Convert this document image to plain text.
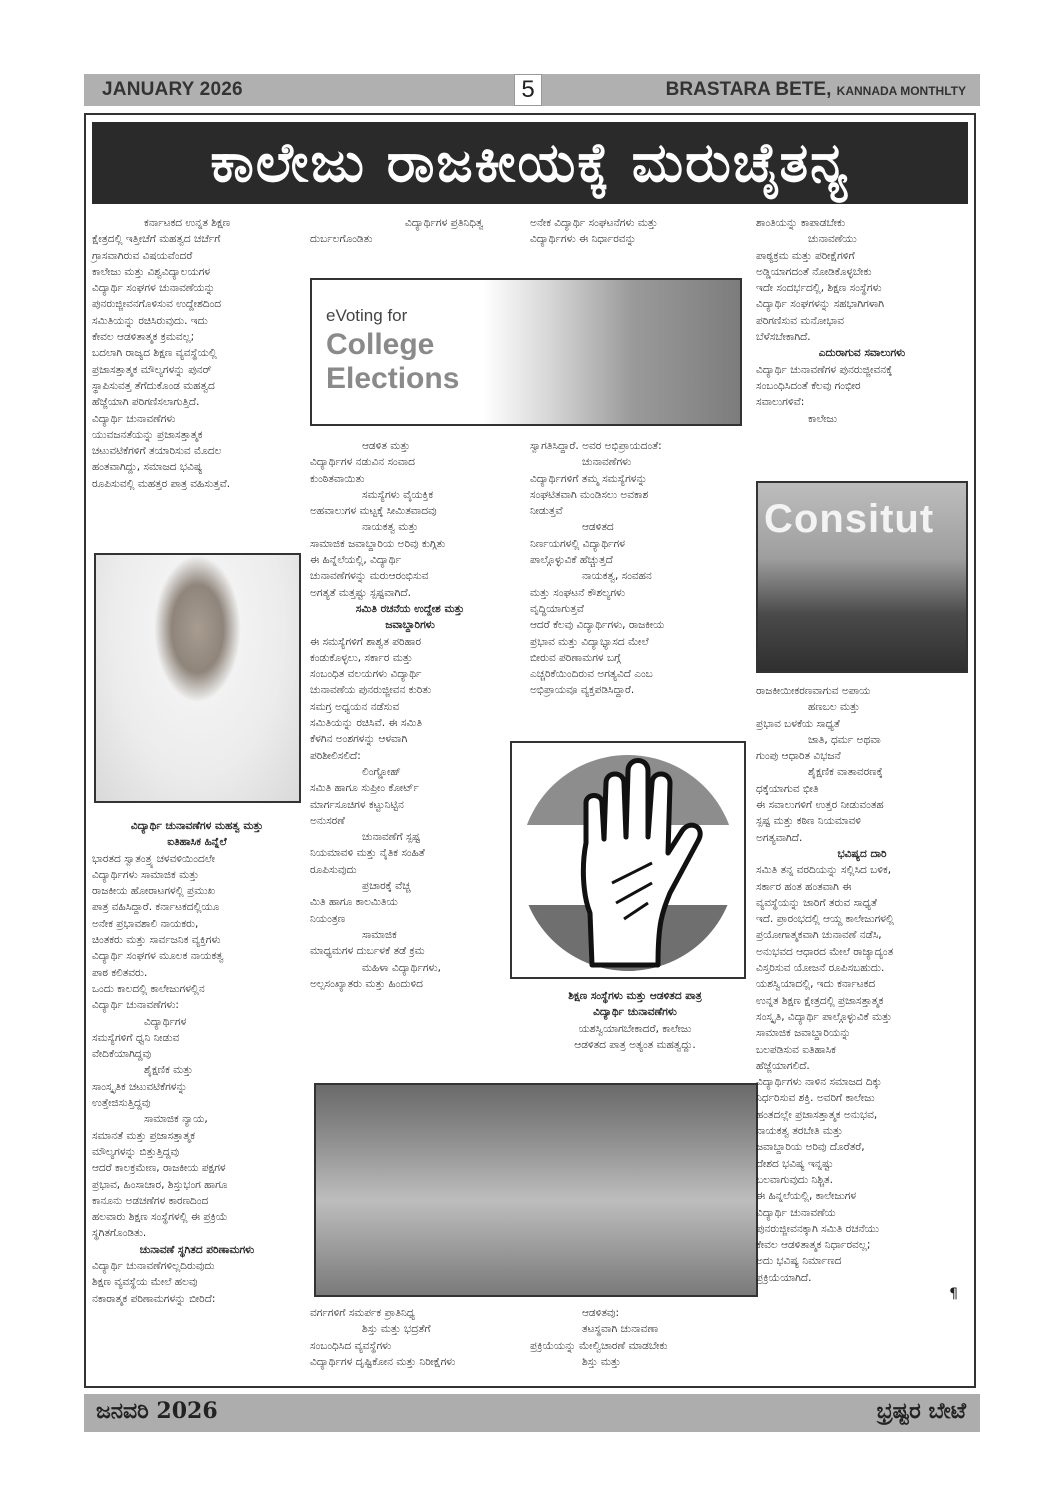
JANUARY 2026	5	BRASTARA BETE, KANNADA MONTHLTY
ಕಾಲೇಜು ರಾಜಕೀಯಕ್ಕೆ ಮರುಚೈತನ್ಯ

ಕರ್ನಾಟಕದ ಉನ್ನತ ಶಿಕ್ಷಣ

ಕ್ಷೇತ್ರದಲ್ಲಿ ಇತ್ತೀಚೆಗೆ ಮಹತ್ವದ ಚರ್ಚೆಗೆ

ಗ್ರಾಸವಾಗಿರುವ ವಿಷಯವೆಂದರೆ

ಕಾಲೇಜು ಮತ್ತು ವಿಶ್ವವಿದ್ಯಾಲಯಗಳ

ವಿದ್ಯಾರ್ಥಿ ಸಂಘಗಳ ಚುನಾವಣೆಯನ್ನು

ಪುನರುಜ್ಜೀವನಗೊಳಿಸುವ ಉದ್ದೇಶದಿಂದ

ಸಮಿತಿಯನ್ನು ರಚಿಸಿರುವುದು. ಇದು

ಕೇವಲ ಆಡಳಿತಾತ್ಮಕ ಕ್ರಮವಲ್ಲ;

ಬದಲಾಗಿ ರಾಜ್ಯದ ಶಿಕ್ಷಣ ವ್ಯವಸ್ಥೆಯಲ್ಲಿ

ಪ್ರಜಾಸತ್ತಾತ್ಮಕ ಮೌಲ್ಯಗಳನ್ನು ಪುನರ್

ಸ್ಥಾಪಿಸುವತ್ತ ತೆಗೆದುಕೊಂಡ ಮಹತ್ವದ

ಹೆಜ್ಜೆಯಾಗಿ ಪರಿಗಣಿಸಲಾಗುತ್ತಿದೆ.

ವಿದ್ಯಾರ್ಥಿ ಚುನಾವಣೆಗಳು

ಯುವಜನತೆಯನ್ನು ಪ್ರಜಾಸತ್ತಾತ್ಮಕ

ಚಟುವಟಿಕೆಗಳಿಗೆ ತಯಾರಿಸುವ ಮೊದಲ

ಹಂತವಾಗಿದ್ದು, ಸಮಾಜದ ಭವಿಷ್ಯ

ರೂಪಿಸುವಲ್ಲಿ ಮಹತ್ತರ ಪಾತ್ರ ವಹಿಸುತ್ತವೆ.

ವಿದ್ಯಾರ್ಥಿ ಚುನಾವಣೆಗಳ ಮಹತ್ವ ಮತ್ತು

ಐತಿಹಾಸಿಕ ಹಿನ್ನೆಲೆ

ಭಾರತದ ಸ್ವಾತಂತ್ರ್ಯ ಚಳವಳಿಯಿಂದಲೇ

ವಿದ್ಯಾರ್ಥಿಗಳು ಸಾಮಾಜಿಕ ಮತ್ತು

ರಾಜಕೀಯ ಹೋರಾಟಗಳಲ್ಲಿ ಪ್ರಮುಖ

ಪಾತ್ರ ವಹಿಸಿದ್ದಾರೆ. ಕರ್ನಾಟಕದಲ್ಲಿಯೂ

ಅನೇಕ ಪ್ರಭಾವಶಾಲಿ ನಾಯಕರು,

ಚಿಂತಕರು ಮತ್ತು ಸಾರ್ವಜನಿಕ ವ್ಯಕ್ತಿಗಳು

ವಿದ್ಯಾರ್ಥಿ ಸಂಘಗಳ ಮೂಲಕ ನಾಯಕತ್ವ

ಪಾಠ ಕಲಿತವರು.

ಒಂದು ಕಾಲದಲ್ಲಿ ಕಾಲೇಜುಗಳಲ್ಲಿನ

ವಿದ್ಯಾರ್ಥಿ ಚುನಾವಣೆಗಳು:

ವಿದ್ಯಾರ್ಥಿಗಳ

ಸಮಸ್ಯೆಗಳಿಗೆ ಧ್ವನಿ ನೀಡುವ

ವೇದಿಕೆಯಾಗಿದ್ದವು

ಶೈಕ್ಷಣಿಕ ಮತ್ತು

ಸಾಂಸ್ಕೃತಿಕ ಚಟುವಟಿಕೆಗಳನ್ನು

ಉತ್ತೇಜಿಸುತ್ತಿದ್ದವು

ಸಾಮಾಜಿಕ ನ್ಯಾಯ,

ಸಮಾನತೆ ಮತ್ತು ಪ್ರಜಾಸತ್ತಾತ್ಮಕ

ಮೌಲ್ಯಗಳನ್ನು ಬಿತ್ತುತ್ತಿದ್ದವು

ಆದರೆ ಕಾಲಕ್ರಮೇಣ, ರಾಜಕೀಯ ಪಕ್ಷಗಳ

ಪ್ರಭಾವ, ಹಿಂಸಾಚಾರ, ಶಿಸ್ತುಭಂಗ ಹಾಗೂ

ಕಾನೂನು ಅಡಚಣೆಗಳ ಕಾರಣದಿಂದ

ಹಲವಾರು ಶಿಕ್ಷಣ ಸಂಸ್ಥೆಗಳಲ್ಲಿ ಈ ಪ್ರಕ್ರಿಯೆ

ಸ್ಥಗಿತಗೊಂಡಿತು.

ಚುನಾವಣೆ ಸ್ಥಗಿತದ ಪರಿಣಾಮಗಳು

ವಿದ್ಯಾರ್ಥಿ ಚುನಾವಣೆಗಳಿಲ್ಲದಿರುವುದು

ಶಿಕ್ಷಣ ವ್ಯವಸ್ಥೆಯ ಮೇಲೆ ಹಲವು

ನಕಾರಾತ್ಮಕ ಪರಿಣಾಮಗಳನ್ನು ಬೀರಿದೆ:

ವಿದ್ಯಾರ್ಥಿಗಳ ಪ್ರತಿನಿಧಿತ್ವ

ದುರ್ಬಲಗೊಂಡಿತು

eVoting for
College
Elections

ಆಡಳಿತ ಮತ್ತು

ವಿದ್ಯಾರ್ಥಿಗಳ ನಡುವಿನ ಸಂವಾದ

ಕುಂಠಿತವಾಯಿತು

ಸಮಸ್ಯೆಗಳು ವೈಯಕ್ತಿಕ

ಅಹವಾಲುಗಳ ಮಟ್ಟಕ್ಕೆ ಸೀಮಿತವಾದವು

ನಾಯಕತ್ವ ಮತ್ತು

ಸಾಮಾಜಿಕ ಜವಾಬ್ದಾರಿಯ ಅರಿವು ಕುಗ್ಗಿತು

ಈ ಹಿನ್ನೆಲೆಯಲ್ಲಿ, ವಿದ್ಯಾರ್ಥಿ

ಚುನಾವಣೆಗಳನ್ನು ಮರುಆರಂಭಿಸುವ

ಅಗತ್ಯತೆ ಮತ್ತಷ್ಟು ಸ್ಪಷ್ಟವಾಗಿದೆ.

ಸಮಿತಿ ರಚನೆಯ ಉದ್ದೇಶ ಮತ್ತು

ಜವಾಬ್ದಾರಿಗಳು

ಈ ಸಮಸ್ಯೆಗಳಿಗೆ ಶಾಶ್ವತ ಪರಿಹಾರ

ಕಂಡುಕೊಳ್ಳಲು, ಸರ್ಕಾರ ಮತ್ತು

ಸಂಬಂಧಿತ ವಲಯಗಳು ವಿದ್ಯಾರ್ಥಿ

ಚುನಾವಣೆಯ ಪುನರುಜ್ಜೀವನ ಕುರಿತು

ಸಮಗ್ರ ಅಧ್ಯಯನ ನಡೆಸುವ

ಸಮಿತಿಯನ್ನು ರಚಿಸಿವೆ. ಈ ಸಮಿತಿ

ಕೆಳಗಿನ ಅಂಶಗಳನ್ನು ಆಳವಾಗಿ

ಪರಿಶೀಲಿಸಲಿದೆ:

ಲಿಂಗ್ಡೋಹ್

ಸಮಿತಿ ಹಾಗೂ ಸುಪ್ರೀಂ ಕೋರ್ಟ್

ಮಾರ್ಗಸೂಚಿಗಳ ಕಟ್ಟುನಿಟ್ಟಿನ

ಅನುಸರಣೆ

ಚುನಾವಣೆಗೆ ಸ್ಪಷ್ಟ

ನಿಯಮಾವಳಿ ಮತ್ತು ನೈತಿಕ ಸಂಹಿತೆ

ರೂಪಿಸುವುದು

ಪ್ರಚಾರಕ್ಕೆ ವೆಚ್ಚ

ಮಿತಿ ಹಾಗೂ ಕಾಲಮಿತಿಯ

ನಿಯಂತ್ರಣ

ಸಾಮಾಜಿಕ

ಮಾಧ್ಯಮಗಳ ದುರ್ಬಳಕೆ ತಡೆ ಕ್ರಮ

ಮಹಿಳಾ ವಿದ್ಯಾರ್ಥಿಗಳು,

ಅಲ್ಪಸಂಖ್ಯಾತರು ಮತ್ತು ಹಿಂದುಳಿದ

ಅನೇಕ ವಿದ್ಯಾರ್ಥಿ ಸಂಘಟನೆಗಳು ಮತ್ತು

ವಿದ್ಯಾರ್ಥಿಗಳು ಈ ನಿರ್ಧಾರವನ್ನು

ಸ್ವಾಗತಿಸಿದ್ದಾರೆ. ಅವರ ಅಭಿಪ್ರಾಯದಂತೆ:

ಚುನಾವಣೆಗಳು

ವಿದ್ಯಾರ್ಥಿಗಳಿಗೆ ತಮ್ಮ ಸಮಸ್ಯೆಗಳನ್ನು

ಸಂಘಟಿತವಾಗಿ ಮಂಡಿಸಲು ಅವಕಾಶ

ನೀಡುತ್ತವೆ

ಆಡಳಿತದ

ನಿರ್ಣಯಗಳಲ್ಲಿ ವಿದ್ಯಾರ್ಥಿಗಳ

ಪಾಲ್ಗೊಳ್ಳುವಿಕೆ ಹೆಚ್ಚುತ್ತದೆ

ನಾಯಕತ್ವ, ಸಂವಹನ

ಮತ್ತು ಸಂಘಟನೆ ಕೌಶಲ್ಯಗಳು

ವೃದ್ಧಿಯಾಗುತ್ತವೆ

ಆದರೆ ಕೆಲವು ವಿದ್ಯಾರ್ಥಿಗಳು, ರಾಜಕೀಯ

ಪ್ರಭಾವ ಮತ್ತು ವಿದ್ಯಾಭ್ಯಾಸದ ಮೇಲೆ

ಬೀರುವ ಪರಿಣಾಮಗಳ ಬಗ್ಗೆ

ಎಚ್ಚರಿಕೆಯಿಂದಿರುವ ಅಗತ್ಯವಿದೆ ಎಂಬ

ಅಭಿಪ್ರಾಯವೂ ವ್ಯಕ್ತಪಡಿಸಿದ್ದಾರೆ.

ಶಿಕ್ಷಣ ಸಂಸ್ಥೆಗಳು ಮತ್ತು ಆಡಳಿತದ ಪಾತ್ರ

ವಿದ್ಯಾರ್ಥಿ ಚುನಾವಣೆಗಳು

ಯಶಸ್ವಿಯಾಗಬೇಕಾದರೆ, ಕಾಲೇಜು

ಆಡಳಿತದ ಪಾತ್ರ ಅತ್ಯಂತ ಮಹತ್ವದ್ದು.

ವರ್ಗಗಳಿಗೆ ಸಮರ್ಪಕ ಪ್ರಾತಿನಿಧ್ಯ

ಶಿಸ್ತು ಮತ್ತು ಭದ್ರತೆಗೆ

ಸಂಬಂಧಿಸಿದ ವ್ಯವಸ್ಥೆಗಳು

ವಿದ್ಯಾರ್ಥಿಗಳ ದೃಷ್ಟಿಕೋನ ಮತ್ತು ನಿರೀಕ್ಷೆಗಳು

ಆಡಳಿತವು:

ತಟಸ್ಥವಾಗಿ ಚುನಾವಣಾ

ಪ್ರಕ್ರಿಯೆಯನ್ನು ಮೇಲ್ವಿಚಾರಣೆ ಮಾಡಬೇಕು

ಶಿಸ್ತು ಮತ್ತು

ಶಾಂತಿಯನ್ನು ಕಾಪಾಡಬೇಕು

ಚುನಾವಣೆಯು

ಪಾಠ್ಯಕ್ರಮ ಮತ್ತು ಪರೀಕ್ಷೆಗಳಿಗೆ

ಅಡ್ಡಿಯಾಗದಂತೆ ನೋಡಿಕೊಳ್ಳಬೇಕು

ಇದೇ ಸಂದರ್ಭದಲ್ಲಿ, ಶಿಕ್ಷಣ ಸಂಸ್ಥೆಗಳು

ವಿದ್ಯಾರ್ಥಿ ಸಂಘಗಳನ್ನು ಸಹಭಾಗಿಗಳಾಗಿ

ಪರಿಗಣಿಸುವ ಮನೋಭಾವ

ಬೆಳೆಸಬೇಕಾಗಿದೆ.

ಎದುರಾಗುವ ಸವಾಲುಗಳು

ವಿದ್ಯಾರ್ಥಿ ಚುನಾವಣೆಗಳ ಪುನರುಜ್ಜೀವನಕ್ಕೆ

ಸಂಬಂಧಿಸಿದಂತೆ ಕೆಲವು ಗಂಭೀರ

ಸವಾಲುಗಳಿವೆ:

ಕಾಲೇಜು

Consitut

ರಾಜಕೀಯೀಕರಣವಾಗುವ ಅಪಾಯ

ಹಣಬಲ ಮತ್ತು

ಪ್ರಭಾವ ಬಳಕೆಯ ಸಾಧ್ಯತೆ

ಜಾತಿ, ಧರ್ಮ ಅಥವಾ

ಗುಂಪು ಆಧಾರಿತ ವಿಭಜನೆ

ಶೈಕ್ಷಣಿಕ ವಾತಾವರಣಕ್ಕೆ

ಧಕ್ಕೆಯಾಗುವ ಭೀತಿ

ಈ ಸವಾಲುಗಳಿಗೆ ಉತ್ತರ ನೀಡುವಂತಹ

ಸ್ಪಷ್ಟ ಮತ್ತು ಕಠಿಣ ನಿಯಮಾವಳಿ

ಅಗತ್ಯವಾಗಿದೆ.

ಭವಿಷ್ಯದ ದಾರಿ

ಸಮಿತಿ ತನ್ನ ವರದಿಯನ್ನು ಸಲ್ಲಿಸಿದ ಬಳಿಕ,

ಸರ್ಕಾರ ಹಂತ ಹಂತವಾಗಿ ಈ

ವ್ಯವಸ್ಥೆಯನ್ನು ಜಾರಿಗೆ ತರುವ ಸಾಧ್ಯತೆ

ಇದೆ. ಪ್ರಾರಂಭದಲ್ಲಿ ಆಯ್ದ ಕಾಲೇಜುಗಳಲ್ಲಿ

ಪ್ರಯೋಗಾತ್ಮಕವಾಗಿ ಚುನಾವಣೆ ನಡೆಸಿ,

ಅನುಭವದ ಆಧಾರದ ಮೇಲೆ ರಾಜ್ಯಾದ್ಯಂತ

ವಿಸ್ತರಿಸುವ ಯೋಜನೆ ರೂಪಿಸಬಹುದು.

ಯಶಸ್ವಿಯಾದಲ್ಲಿ, ಇದು ಕರ್ನಾಟಕದ

ಉನ್ನತ ಶಿಕ್ಷಣ ಕ್ಷೇತ್ರದಲ್ಲಿ ಪ್ರಜಾಸತ್ತಾತ್ಮಕ

ಸಂಸ್ಕೃತಿ, ವಿದ್ಯಾರ್ಥಿ ಪಾಲ್ಗೊಳ್ಳುವಿಕೆ ಮತ್ತು

ಸಾಮಾಜಿಕ ಜವಾಬ್ದಾರಿಯನ್ನು

ಬಲಪಡಿಸುವ ಐತಿಹಾಸಿಕ

ಹೆಜ್ಜೆಯಾಗಲಿದೆ.

ವಿದ್ಯಾರ್ಥಿಗಳು ನಾಳಿನ ಸಮಾಜದ ದಿಕ್ಕು

ನಿರ್ಧರಿಸುವ ಶಕ್ತಿ. ಅವರಿಗೆ ಕಾಲೇಜು

ಹಂತದಲ್ಲೇ ಪ್ರಜಾಸತ್ತಾತ್ಮಕ ಅನುಭವ,

ನಾಯಕತ್ವ ತರಬೇತಿ ಮತ್ತು

ಜವಾಬ್ದಾರಿಯ ಅರಿವು ದೊರೆತರೆ,

ದೇಶದ ಭವಿಷ್ಯ ಇನ್ನಷ್ಟು

ಬಲವಾಗುವುದು ನಿಶ್ಚಿತ.

ಈ ಹಿನ್ನಲೆಯಲ್ಲಿ, ಕಾಲೇಜುಗಳ

ವಿದ್ಯಾರ್ಥಿ ಚುನಾವಣೆಯ

ಪುನರುಜ್ಜೀವನಕ್ಕಾಗಿ ಸಮಿತಿ ರಚನೆಯು

ಕೇವಲ ಆಡಳಿತಾತ್ಮಕ ನಿರ್ಧಾರವಲ್ಲ;

ಅದು ಭವಿಷ್ಯ ನಿರ್ಮಾಣದ

ಪ್ರಕ್ರಿಯೆಯಾಗಿದೆ.

¶
ಜನವರಿ 2026	ಭ್ರಷ್ಟರ ಬೇಟೆ
